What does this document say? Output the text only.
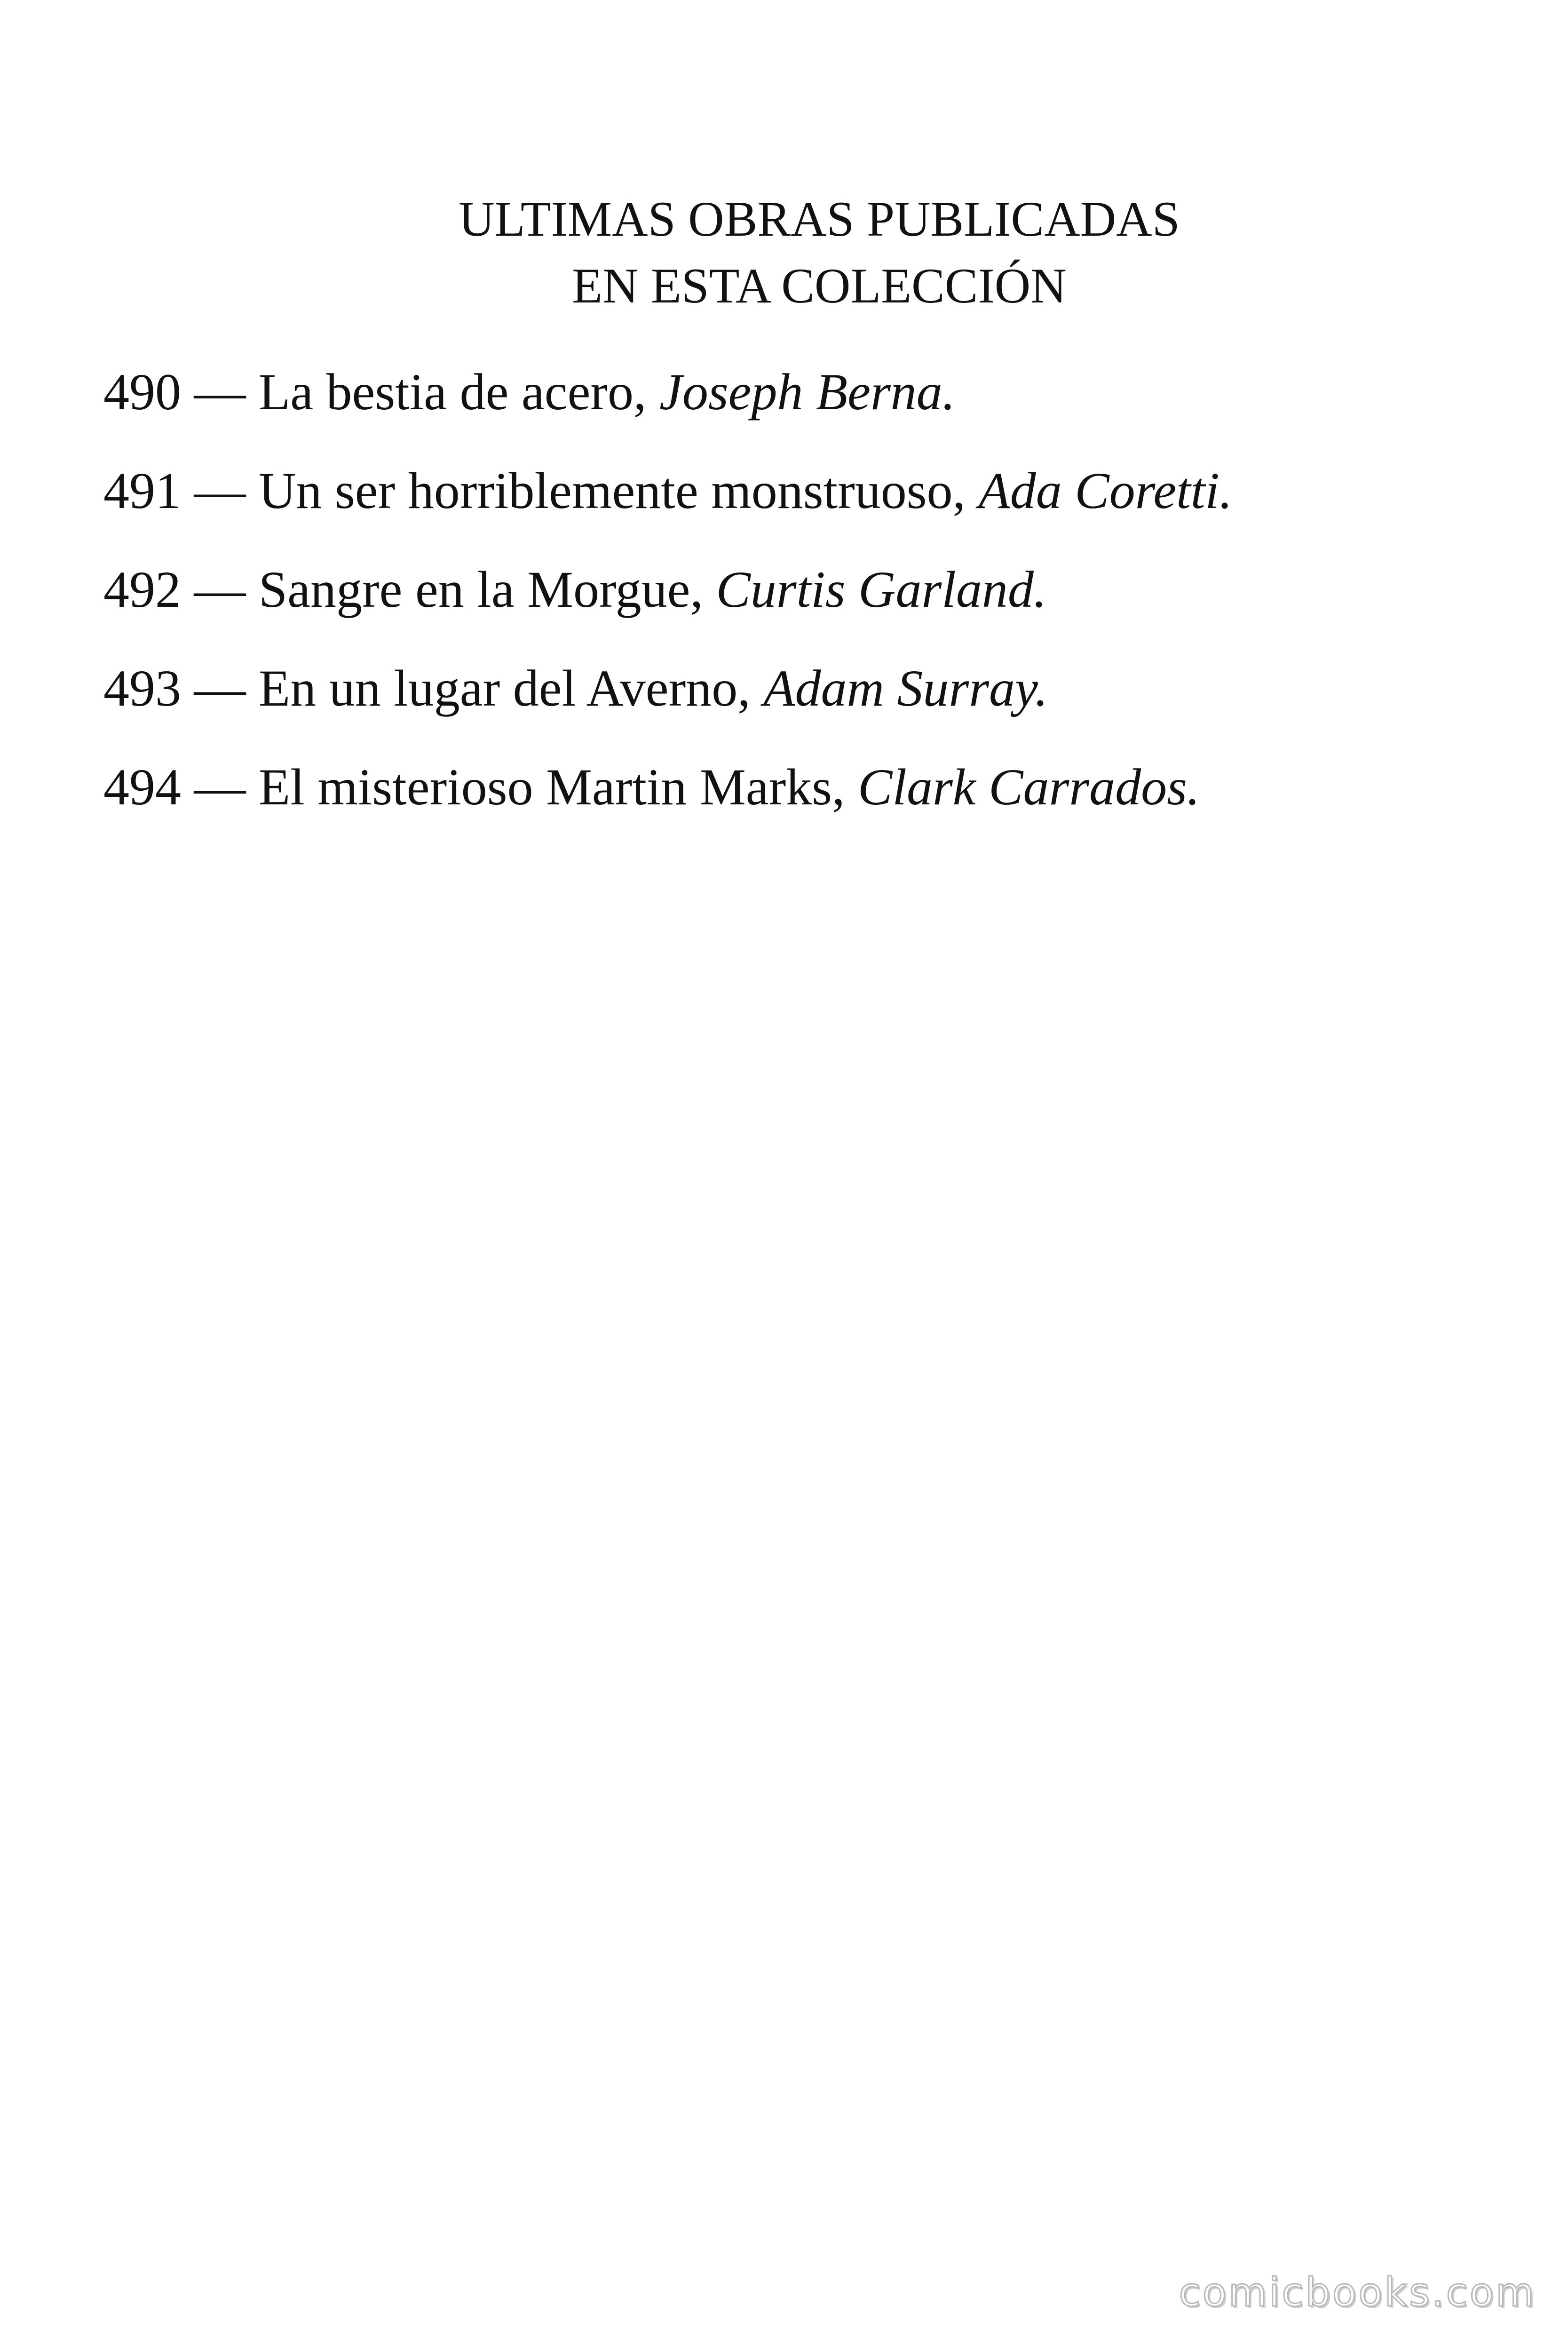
ULTIMAS OBRAS PUBLICADAS
EN ESTA COLECCIÓN
490 — La bestia de acero, Joseph Berna.
491 — Un ser horriblemente monstruoso, Ada Coretti.
492 — Sangre en la Morgue, Curtis Garland.
493 — En un lugar del Averno, Adam Surray.
494 — El misterioso Martin Marks, Clark Carrados.
comicbooks.com
